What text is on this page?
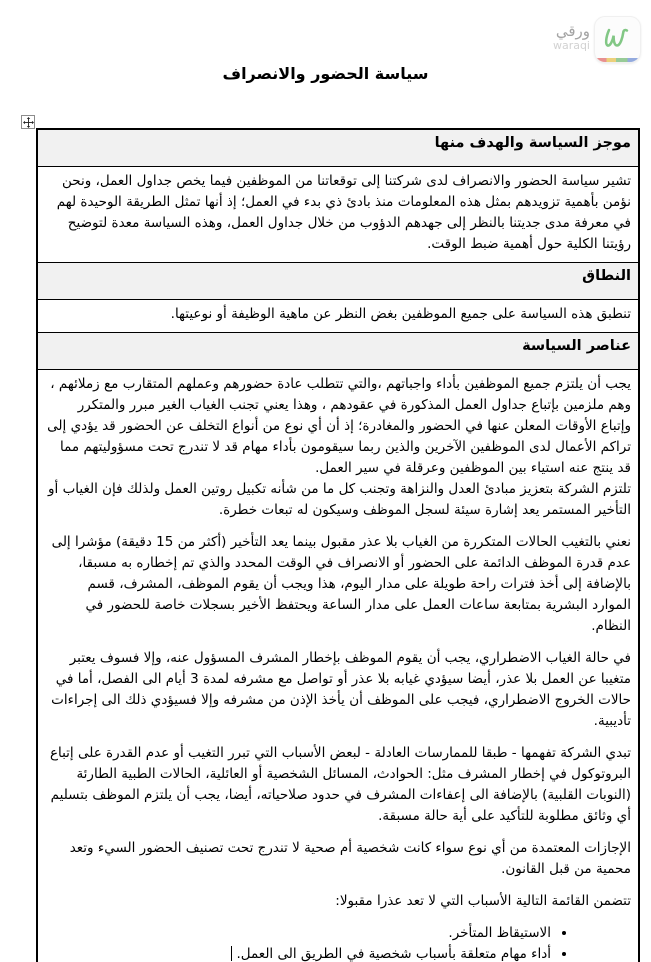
ورقي
waraqi
سياسة الحضور والانصراف
موجز السياسة والهدف منها

تشير سياسة الحضور والانصراف لدى شركتنا إلى توقعاتنا من الموظفين فيما يخص جداول العمل، ونحن نؤمن بأهمية تزويدهم بمثل هذه المعلومات منذ بادئ ذي بدء في العمل؛ إذ أنها تمثل الطريقة الوحيدة لهم في معرفة مدى جديتنا بالنظر إلى جهدهم الدؤوب من خلال جداول العمل، وهذه السياسة معدة لتوضيح رؤيتنا الكلية حول أهمية ضبط الوقت.

النطاق

تنطبق هذه السياسة على جميع الموظفين بغض النظر عن ماهية الوظيفة أو نوعيتها.

عناصر السياسة

يجب أن يلتزم جميع الموظفين بأداء واجباتهم ،والتي تتطلب عادة حضورهم وعملهم المتقارب مع زملائهم ، وهم ملزمين بإتباع جداول العمل المذكورة في عقودهم ، وهذا يعني تجنب الغياب الغير مبرر والمتكرر وإتباع الأوقات المعلن عنها في الحضور والمغادرة؛ إذ أن أي نوع من أنواع التخلف عن الحضور قد يؤدي إلى تراكم الأعمال لدى الموظفين الآخرين والذين ربما سيقومون بأداء مهام قد لا تندرج تحت مسؤوليتهم مما قد ينتج عنه استياء بين الموظفين وعرقلة في سير العمل.

تلتزم الشركة بتعزيز مبادئ العدل والنزاهة وتجنب كل ما من شأنه تكبيل روتين العمل ولذلك فإن الغياب أو التأخير المستمر يعد إشارة سيئة لسجل الموظف وسيكون له تبعات خطرة.

نعني بالتغيب الحالات المتكررة من الغياب بلا عذر مقبول بينما يعد التأخير (أكثر من 15 دقيقة) مؤشرا إلى عدم قدرة الموظف الدائمة على الحضور أو الانصراف في الوقت المحدد والذي تم إخطاره به مسبقا، بالإضافة إلى أخذ فترات راحة طويلة على مدار اليوم، هذا ويجب أن يقوم الموظف، المشرف، قسم الموارد البشرية بمتابعة ساعات العمل على مدار الساعة ويحتفظ الأخير بسجلات خاصة للحضور في النظام.

في حالة الغياب الاضطراري، يجب أن يقوم الموظف بإخطار المشرف المسؤول عنه، وإلا فسوف يعتبر متغيبا عن العمل بلا عذر، أيضا سيؤدي غيابه بلا عذر أو تواصل مع مشرفه لمدة 3 أيام الى الفصل، أما في حالات الخروج الاضطراري، فيجب على الموظف أن يأخذ الإذن من مشرفه وإلا فسيؤدي ذلك الى إجراءات تأديبية.

تبدي الشركة تفهمها - طبقا للممارسات العادلة - لبعض الأسباب التي تبرر التغيب أو عدم القدرة على إتباع البروتوكول في إخطار المشرف مثل: الحوادث، المسائل الشخصية أو العائلية، الحالات الطبية الطارئة (النوبات القلبية) بالإضافة الى إعفاءات المشرف في حدود صلاحياته، أيضا، يجب أن يلتزم الموظف بتسليم أي وثائق مطلوبة للتأكيد على أية حالة مسبقة.

الإجازات المعتمدة من أي نوع سواء كانت شخصية أم صحية لا تندرج تحت تصنيف الحضور السيء وتعد محمية من قبل القانون.

تتضمن القائمة التالية الأسباب التي لا تعد عذرا مقبولا:

• الاستيقاظ المتأخر.
• أداء مهام متعلقة بأسباب شخصية في الطريق الى العمل.
